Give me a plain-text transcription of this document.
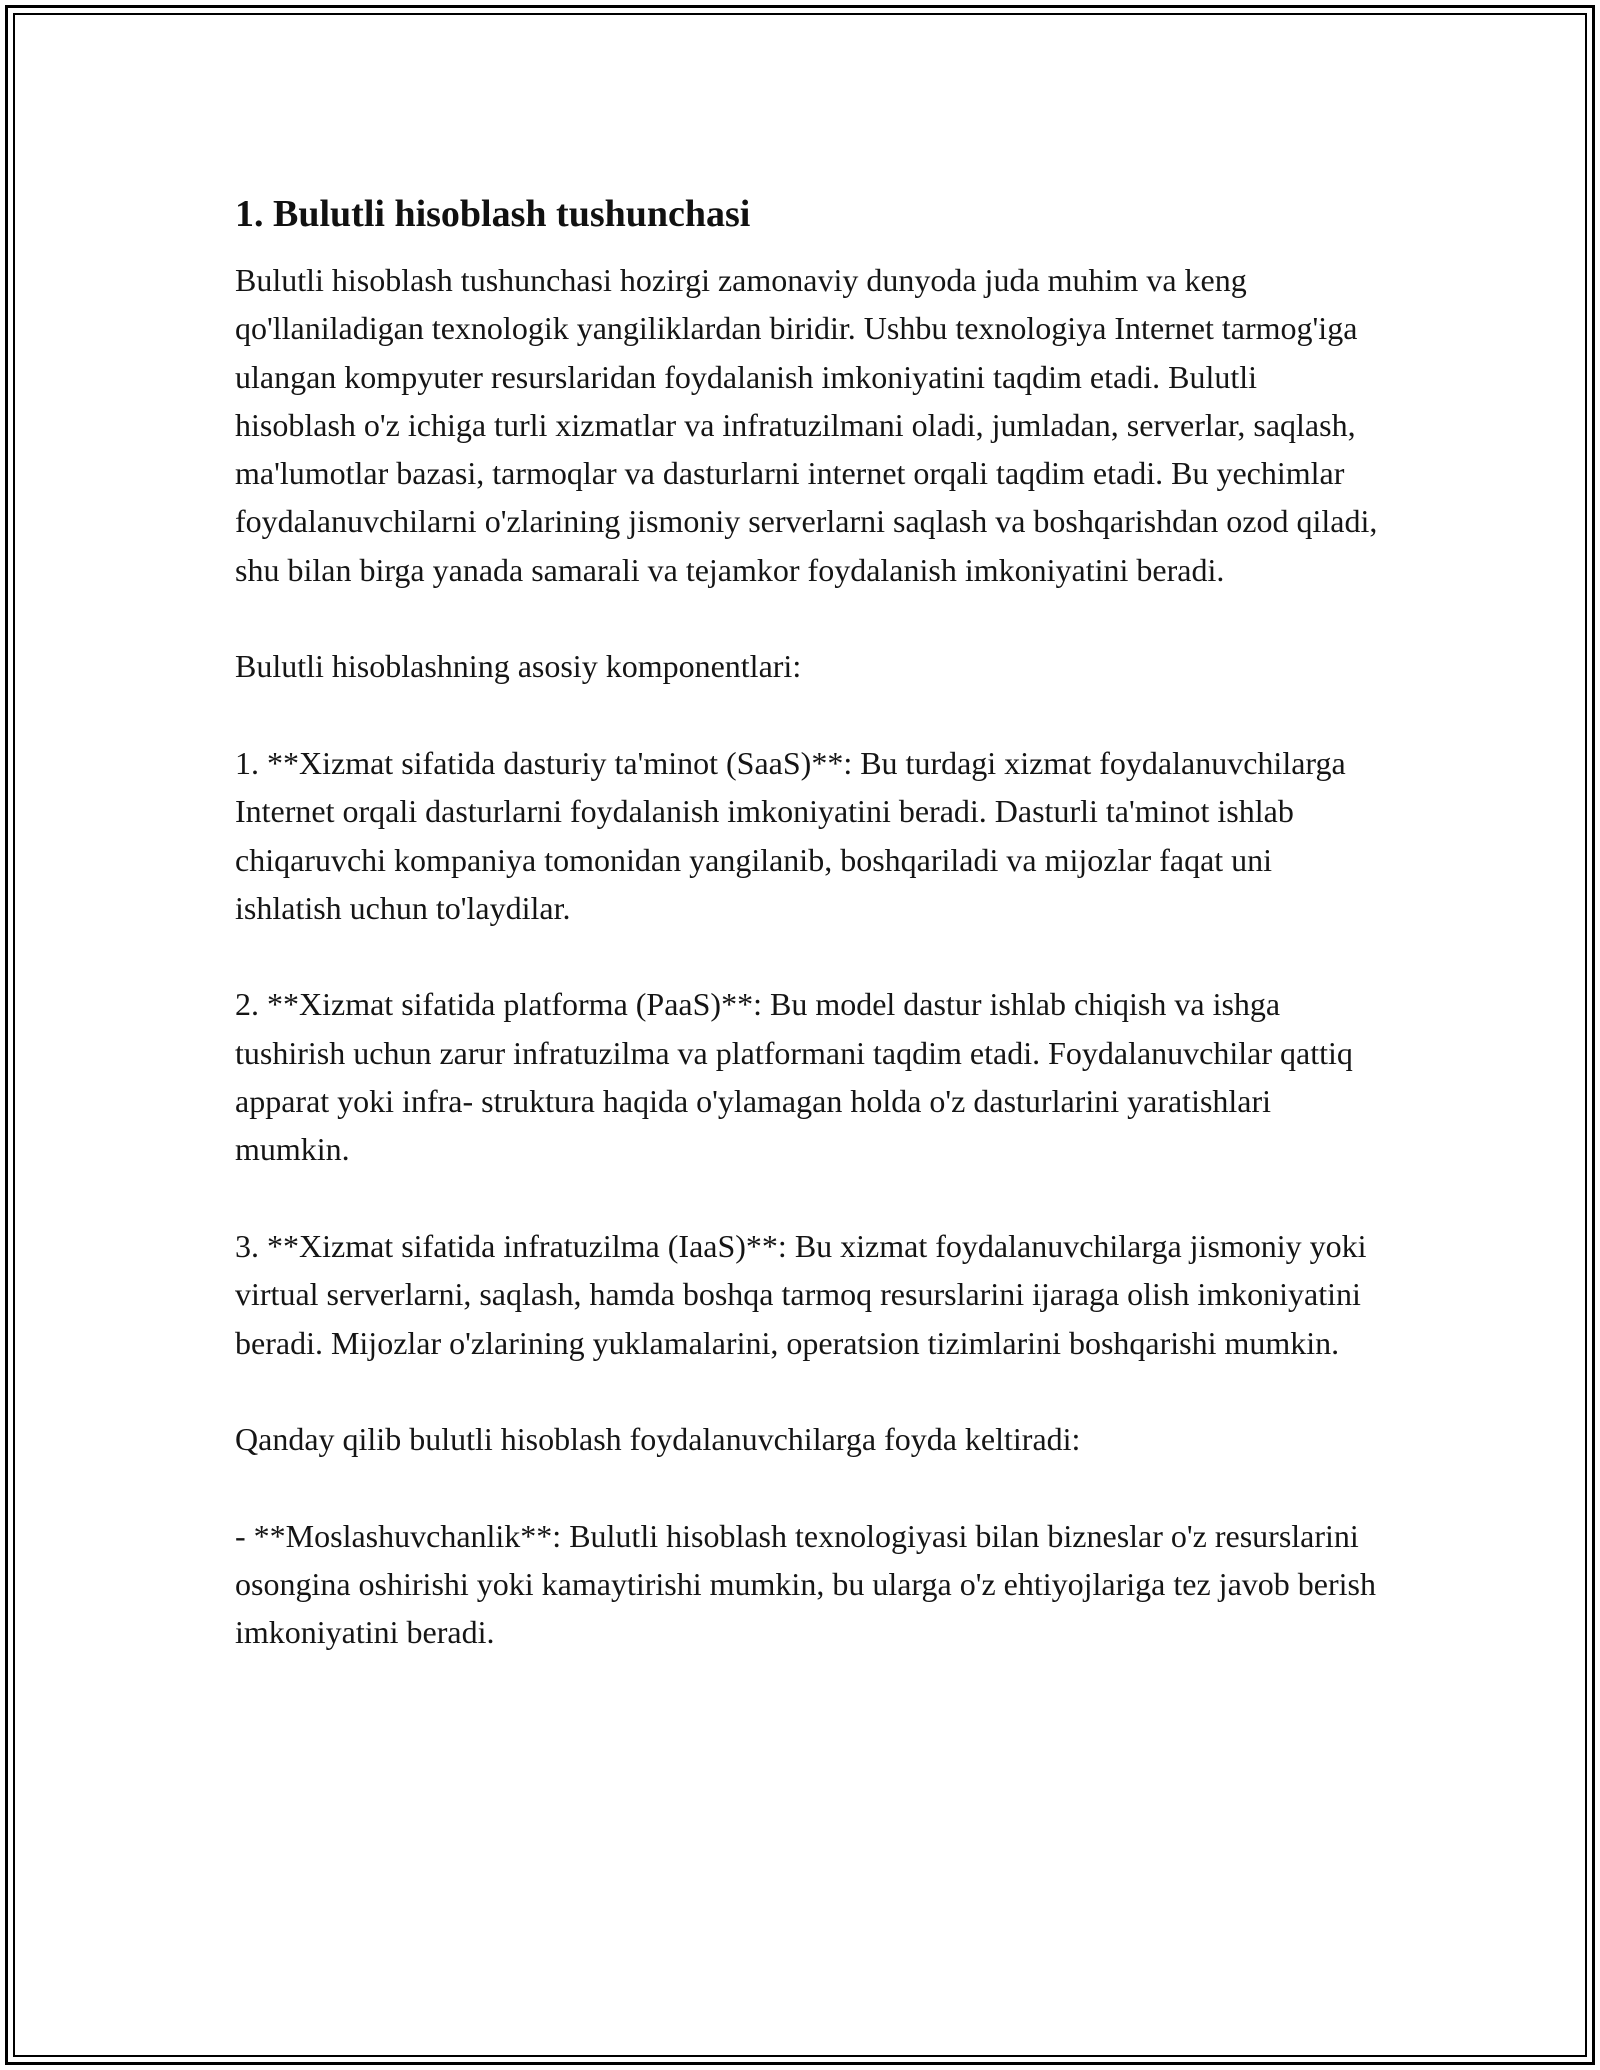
1. Bulutli hisoblash tushunchasi

Bulutli hisoblash tushunchasi hozirgi zamonaviy dunyoda juda muhim va keng qo'llaniladigan texnologik yangiliklardan biridir. Ushbu texnologiya Internet tarmog'iga ulangan kompyuter resurslaridan foydalanish imkoniyatini taqdim etadi. Bulutli hisoblash o'z ichiga turli xizmatlar va infratuzilmani oladi, jumladan, serverlar, saqlash, ma'lumotlar bazasi, tarmoqlar va dasturlarni internet orqali taqdim etadi. Bu yechimlar foydalanuvchilarni o'zlarining jismoniy serverlarni saqlash va boshqarishdan ozod qiladi, shu bilan birga yanada samarali va tejamkor foydalanish imkoniyatini beradi.

Bulutli hisoblashning asosiy komponentlari:

1. **Xizmat sifatida dasturiy ta'minot (SaaS)**: Bu turdagi xizmat foydalanuvchilarga Internet orqali dasturlarni foydalanish imkoniyatini beradi. Dasturli ta'minot ishlab chiqaruvchi kompaniya tomonidan yangilanib, boshqariladi va mijozlar faqat uni ishlatish uchun to'laydilar.

2. **Xizmat sifatida platforma (PaaS)**: Bu model dastur ishlab chiqish va ishga tushirish uchun zarur infratuzilma va platformani taqdim etadi. Foydalanuvchilar qattiq apparat yoki infra- struktura haqida o'ylamagan holda o'z dasturlarini yaratishlari mumkin.

3. **Xizmat sifatida infratuzilma (IaaS)**: Bu xizmat foydalanuvchilarga jismoniy yoki virtual serverlarni, saqlash, hamda boshqa tarmoq resurslarini ijaraga olish imkoniyatini beradi. Mijozlar o'zlarining yuklamalarini, operatsion tizimlarini boshqarishi mumkin.

Qanday qilib bulutli hisoblash foydalanuvchilarga foyda keltiradi:

- **Moslashuvchanlik**: Bulutli hisoblash texnologiyasi bilan bizneslar o'z resurslarini osongina oshirishi yoki kamaytirishi mumkin, bu ularga o'z ehtiyojlariga tez javob berish imkoniyatini beradi.
